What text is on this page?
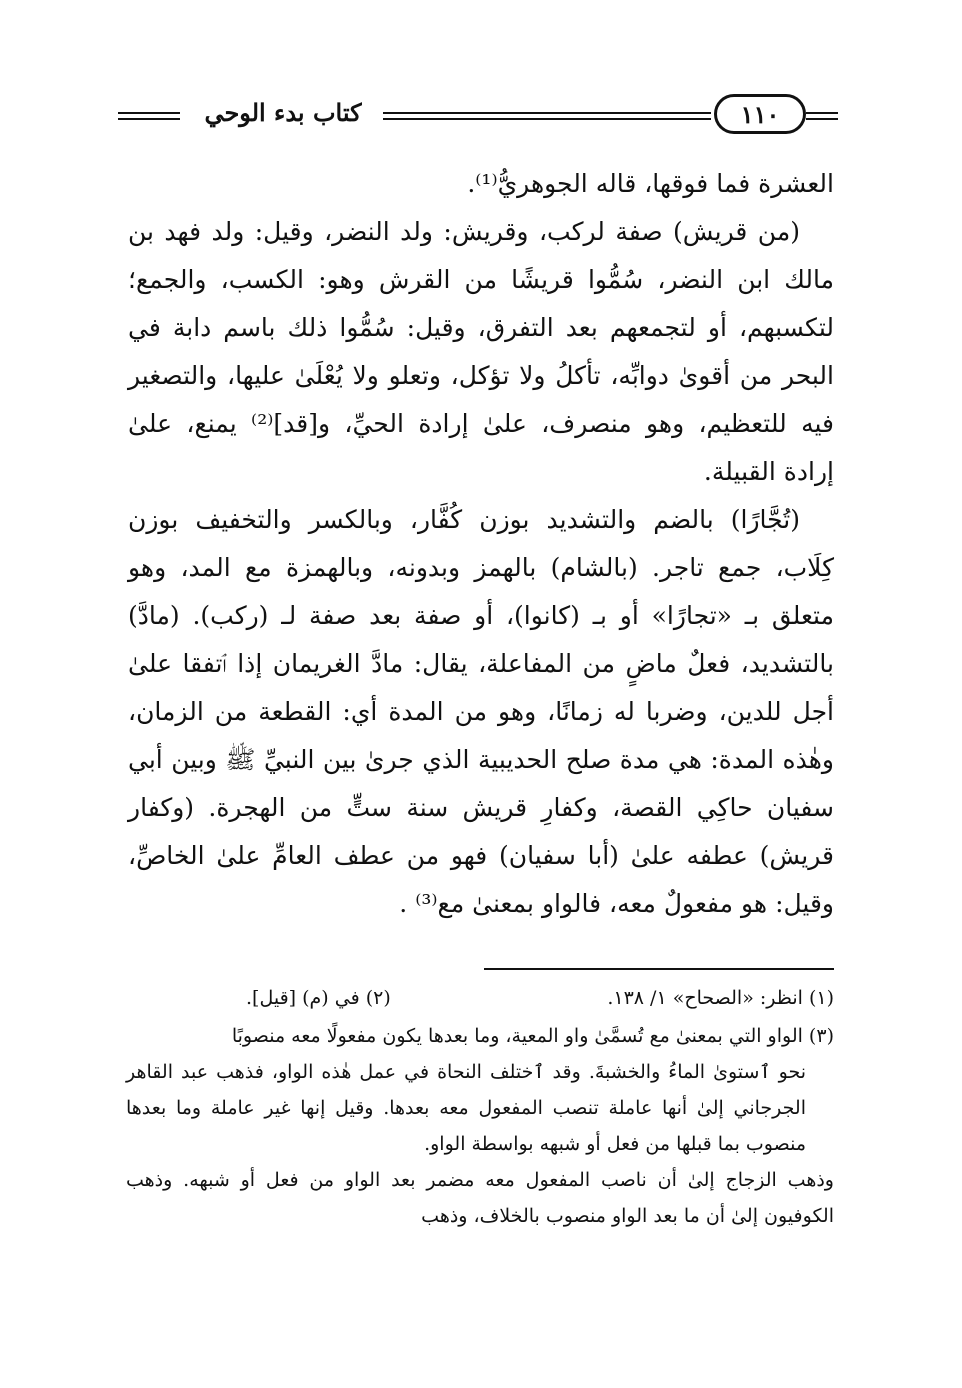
كتاب بدء الوحي	١١٠

العشرة فما فوقها، قاله الجوهريُّ⁽¹⁾.

(من قريش) صفة لركب، وقريش: ولد النضر، وقيل: ولد فهد بن مالك ابن النضر، سُمُّوا قريشًا من القرش وهو: الكسب، والجمع؛ لتكسبهم، أو لتجمعهم بعد التفرق، وقيل: سُمُّوا ذلك باسم دابة في البحر من أقوىٰ دوابِّه، تأكلُ ولا تؤكل، وتعلو ولا يُعْلَىٰ عليها، والتصغير فيه للتعظيم، وهو منصرف، علىٰ إرادة الحيِّ، و[قد]⁽²⁾ يمنع، علىٰ إرادة القبيلة.

(تُجَّارًا) بالضم والتشديد بوزن كُفَّار، وبالكسر والتخفيف بوزن كِلَاب، جمع تاجر. (بالشام) بالهمز وبدونه، وبالهمزة مع المد، وهو متعلق بـ «تجارًا» أو بـ (كانوا)، أو صفة بعد صفة لـ (ركب). (مادَّ) بالتشديد، فعلٌ ماضٍ من المفاعلة، يقال: مادَّ الغريمان إذا ٱتفقا علىٰ أجل للدين، وضربا له زمانًا، وهو من المدة أي: القطعة من الزمان، وهٰذه المدة: هي مدة صلح الحديبية الذي جرىٰ بين النبيِّ ﷺ وبين أبي سفيان حاكِي القصة، وكفارِ قريش سنة ستٍّ من الهجرة. (وكفار قريش) عطفه علىٰ (أبا سفيان) فهو من عطف العامِّ علىٰ الخاصِّ، وقيل: هو مفعولٌ معه، فالواو بمعنىٰ مع⁽³⁾ .

(١) انظر: «الصحاح» ١/ ١٣٨.
(٢) في (م) [قيل].

(٣) الواو التي بمعنىٰ مع تُسمَّىٰ واو المعية، وما بعدها يكون مفعولًا معه منصوبًا

نحو ٱستوىٰ الماءُ والخشبةَ. وقد ٱختلف النحاة في عمل هٰذه الواو، فذهب عبد القاهر الجرجاني إلىٰ أنها عاملة تنصب المفعول معه بعدها. وقيل إنها غير عاملة وما بعدها منصوب بما قبلها من فعل أو شبهه بواسطة الواو.

وذهب الزجاج إلىٰ أن ناصب المفعول معه مضمر بعد الواو من فعل أو شبهه. وذهب الكوفيون إلىٰ أن ما بعد الواو منصوب بالخلاف، وذهب
